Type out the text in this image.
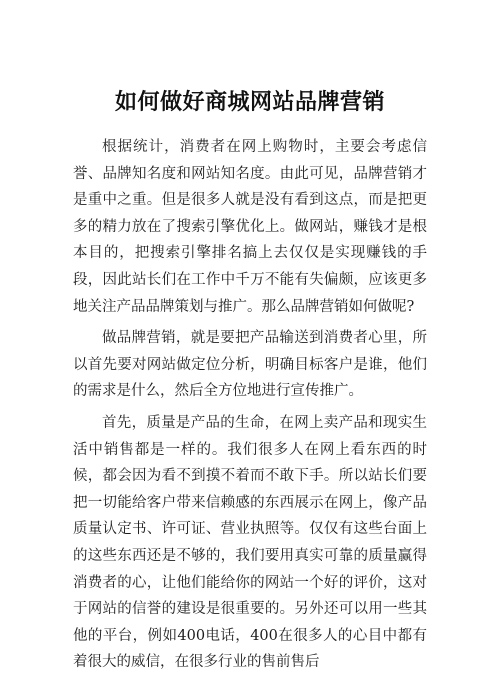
如何做好商城网站品牌营销

根据统计，消费者在网上购物时，主要会考虑信誉、品牌知名度和网站知名度。由此可见，品牌营销才是重中之重。但是很多人就是没有看到这点，而是把更多的精力放在了搜索引擎优化上。做网站，赚钱才是根本目的，把搜索引擎排名搞上去仅仅是实现赚钱的手段，因此站长们在工作中千万不能有失偏颇，应该更多地关注产品品牌策划与推广。那么品牌营销如何做呢?

做品牌营销，就是要把产品输送到消费者心里，所以首先要对网站做定位分析，明确目标客户是谁，他们的需求是什么，然后全方位地进行宣传推广。

首先，质量是产品的生命，在网上卖产品和现实生活中销售都是一样的。我们很多人在网上看东西的时候，都会因为看不到摸不着而不敢下手。所以站长们要把一切能给客户带来信赖感的东西展示在网上，像产品质量认定书、许可证、营业执照等。仅仅有这些台面上的这些东西还是不够的，我们要用真实可靠的质量赢得消费者的心，让他们能给你的网站一个好的评价，这对于网站的信誉的建设是很重要的。另外还可以用一些其他的平台，例如400电话，400在很多人的心目中都有着很大的威信，在很多行业的售前售后
